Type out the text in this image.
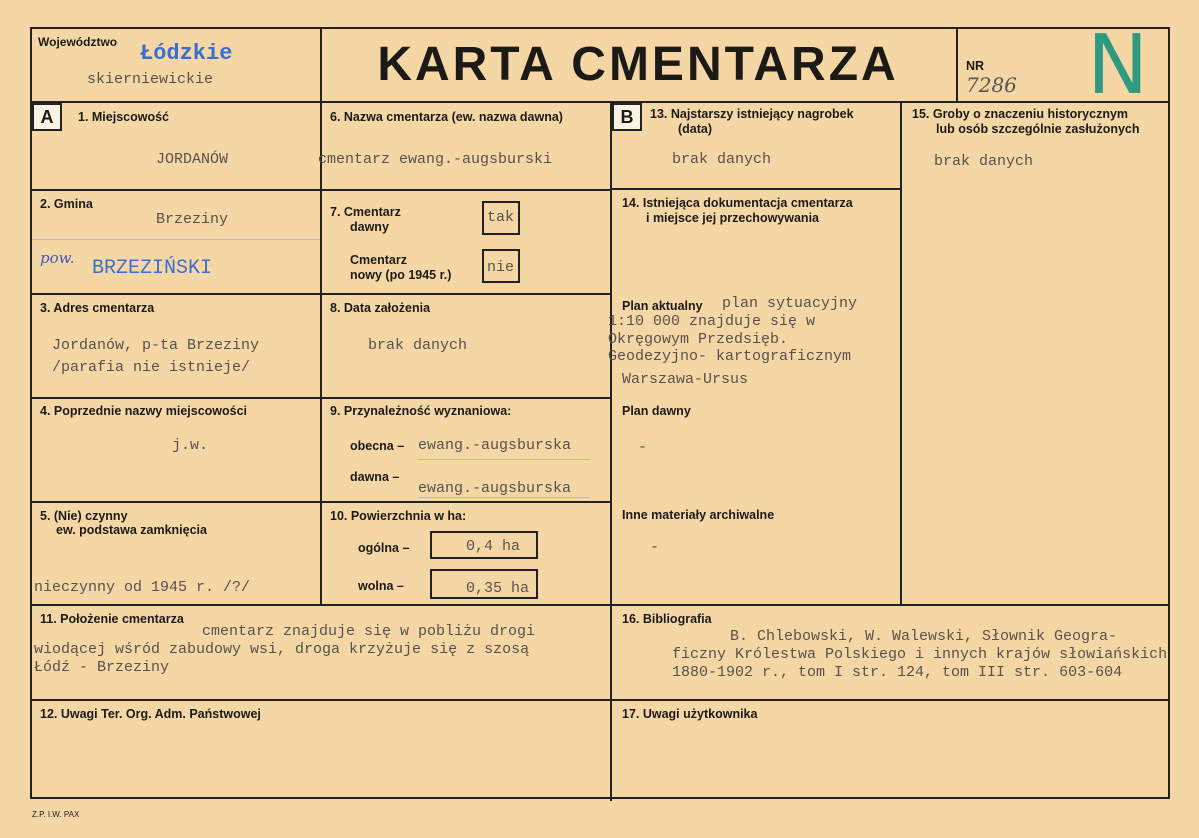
Województwo Łódzkie
skierniewickie	KARTA CMENTARZA	NR
7286 N
A	B
1. Miejscowość
JORDANÓW
2. Gmina
Brzeziny
pow. BRZEZIŃSKI
3. Adres cmentarza
Jordanów, p-ta Brzeziny
/parafia nie istnieje/
4. Poprzednie nazwy miejscowości
j.w.
5. (Nie) czynny
ew. podstawa zamknięcia
nieczynny od 1945 r. /?/
6. Nazwa cmentarza (ew. nazwa dawna)
cmentarz ewang.-augsburski
7. Cmentarz
dawny
tak
Cmentarz
nowy (po 1945 r.) nie
8. Data założenia
brak danych
9. Przynależność wyznaniowa:
obecna – ewang.-augsburska
dawna –
ewang.-augsburska
10. Powierzchnia w ha:
ogólna –	0,4 ha
wolna –	0,35 ha
11. Położenie cmentarza
cmentarz znajduje się w pobliżu drogi
wiodącej wśród zabudowy wsi, droga krzyżuje się z szosą
Łódź - Brzeziny
12. Uwagi Ter. Org. Adm. Państwowej
13. Najstarszy istniejący nagrobek
(data)
brak danych
14. Istniejąca dokumentacja cmentarza
i miejsce jej przechowywania
Plan aktualny plan sytuacyjny
1:10 000 znajduje się w
Okręgowym Przedsięb.
Geodezyjno- kartograficznym
Warszawa-Ursus
Plan dawny
-
Inne materiały archiwalne
-
15. Groby o znaczeniu historycznym
lub osób szczególnie zasłużonych
brak danych
16. Bibliografia
B. Chlebowski, W. Walewski, Słownik Geogra-
ficzny Królestwa Polskiego i innych krajów słowiańskich
1880-1902 r., tom I str. 124, tom III str. 603-604
17. Uwagi użytkownika
Z.P. I.W. PAX
